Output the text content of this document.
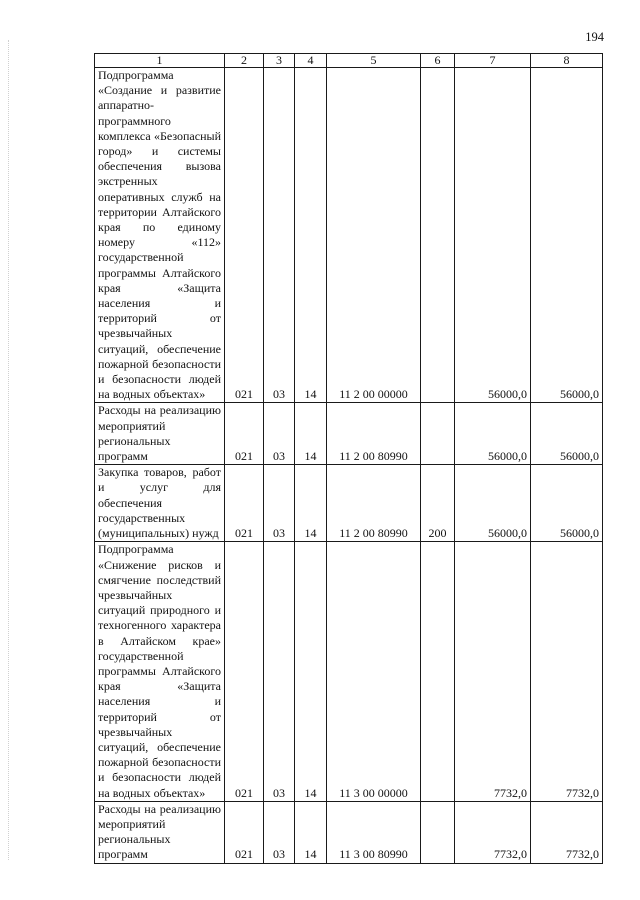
194
1	2	3	4	5	6	7	8
Подпрограмма «Создание и развитие аппаратно-программного комплекса «Безопасный город» и системы обеспечения вызова экстренных оперативных служб на территории Алтайского края по единому номеру «112» государственной программы Алтайского края «Защита населения и территорий от чрезвычайных ситуаций, обеспечение пожарной безопасности и безопасности людей на водных объектах»	021	03	14	11 2 00 00000		56000,0	56000,0
Расходы на реализацию мероприятий региональных программ	021	03	14	11 2 00 80990		56000,0	56000,0
Закупка товаров, работ и услуг для обеспечения государственных (муниципальных) нужд	021	03	14	11 2 00 80990	200	56000,0	56000,0
Подпрограмма «Снижение рисков и смягчение последствий чрезвычайных ситуаций природного и техногенного характера в Алтайском крае» государственной программы Алтайского края «Защита населения и территорий от чрезвычайных ситуаций, обеспечение пожарной безопасности и безопасности людей на водных объектах»	021	03	14	11 3 00 00000		7732,0	7732,0
Расходы на реализацию мероприятий региональных программ	021	03	14	11 3 00 80990		7732,0	7732,0
